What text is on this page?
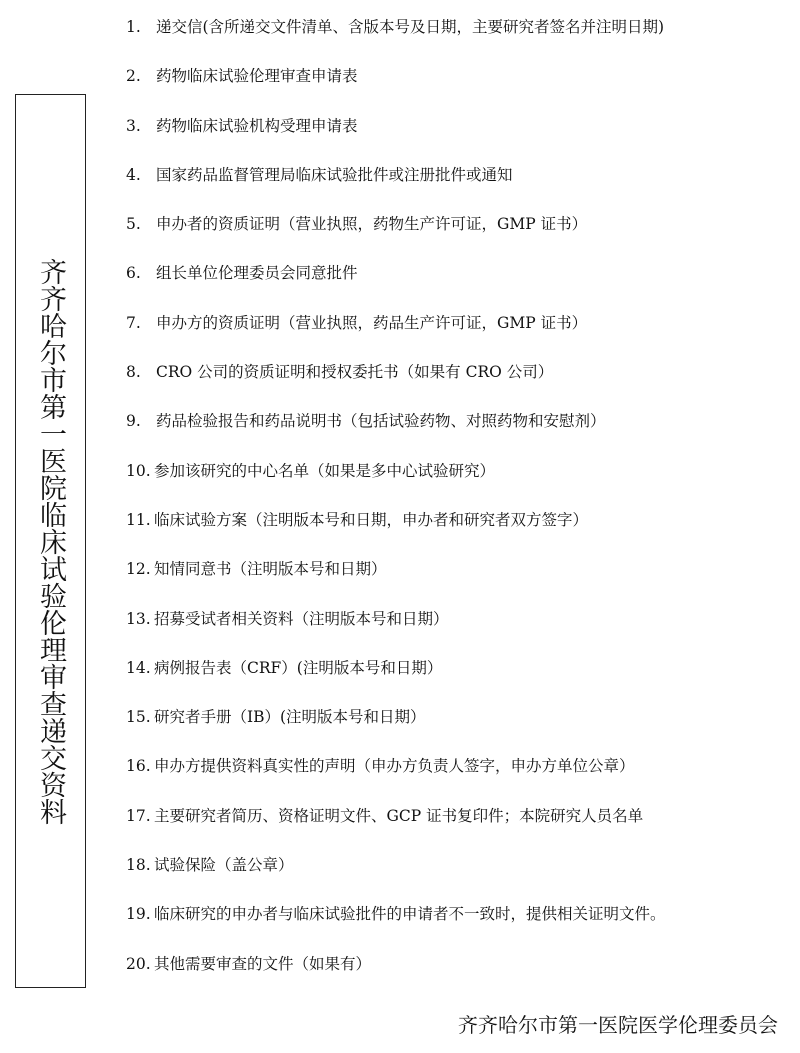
齐齐哈尔市第一医院临床试验伦理审查递交资料
1. 递交信(含所递交文件清单、含版本号及日期，主要研究者签名并注明日期)
2. 药物临床试验伦理审查申请表
3. 药物临床试验机构受理申请表
4. 国家药品监督管理局临床试验批件或注册批件或通知
5. 申办者的资质证明（营业执照，药物生产许可证，GMP 证书）
6. 组长单位伦理委员会同意批件
7. 申办方的资质证明（营业执照，药品生产许可证，GMP 证书）
8. CRO 公司的资质证明和授权委托书（如果有 CRO 公司）
9. 药品检验报告和药品说明书（包括试验药物、对照药物和安慰剂）
10. 参加该研究的中心名单（如果是多中心试验研究）
11. 临床试验方案（注明版本号和日期，申办者和研究者双方签字）
12. 知情同意书（注明版本号和日期）
13. 招募受试者相关资料（注明版本号和日期）
14. 病例报告表（CRF）(注明版本号和日期）
15. 研究者手册（IB）(注明版本号和日期）
16. 申办方提供资料真实性的声明（申办方负责人签字，申办方单位公章）
17. 主要研究者简历、资格证明文件、GCP 证书复印件；本院研究人员名单
18. 试验保险（盖公章）
19. 临床研究的申办者与临床试验批件的申请者不一致时，提供相关证明文件。
20. 其他需要审查的文件（如果有）
齐齐哈尔市第一医院医学伦理委员会
